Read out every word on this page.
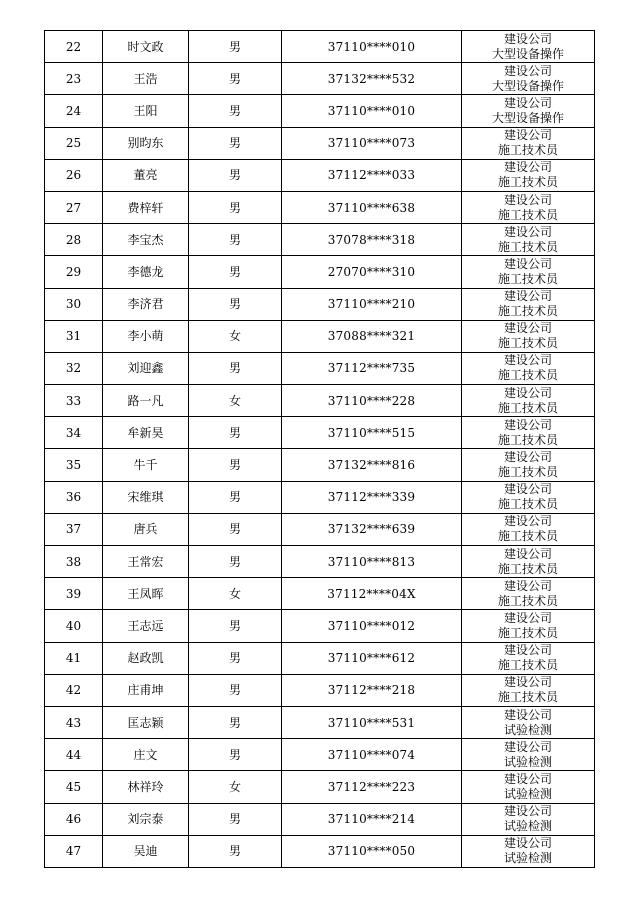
22	时文政	男	37110****010	建设公司
大型设备操作

23	王浩	男	37132****532	建设公司
大型设备操作

24	王阳	男	37110****010	建设公司
大型设备操作

25	别昀东	男	37110****073	建设公司
施工技术员

26	董亮	男	37112****033	建设公司
施工技术员

27	费梓轩	男	37110****638	建设公司
施工技术员

28	李宝杰	男	37078****318	建设公司
施工技术员

29	李德龙	男	27070****310	建设公司
施工技术员

30	李济君	男	37110****210	建设公司
施工技术员

31	李小萌	女	37088****321	建设公司
施工技术员

32	刘迎鑫	男	37112****735	建设公司
施工技术员

33	路一凡	女	37110****228	建设公司
施工技术员

34	牟新昊	男	37110****515	建设公司
施工技术员

35	牛千	男	37132****816	建设公司
施工技术员

36	宋维琪	男	37112****339	建设公司
施工技术员

37	唐兵	男	37132****639	建设公司
施工技术员

38	王常宏	男	37110****813	建设公司
施工技术员

39	王凤晖	女	37112****04X	建设公司
施工技术员

40	王志远	男	37110****012	建设公司
施工技术员

41	赵政凯	男	37110****612	建设公司
施工技术员

42	庄甫坤	男	37112****218	建设公司
施工技术员

43	匡志颖	男	37110****531	建设公司
试验检测

44	庄文	男	37110****074	建设公司
试验检测

45	林祥玲	女	37112****223	建设公司
试验检测

46	刘宗泰	男	37110****214	建设公司
试验检测

47	吴迪	男	37110****050	建设公司
试验检测
